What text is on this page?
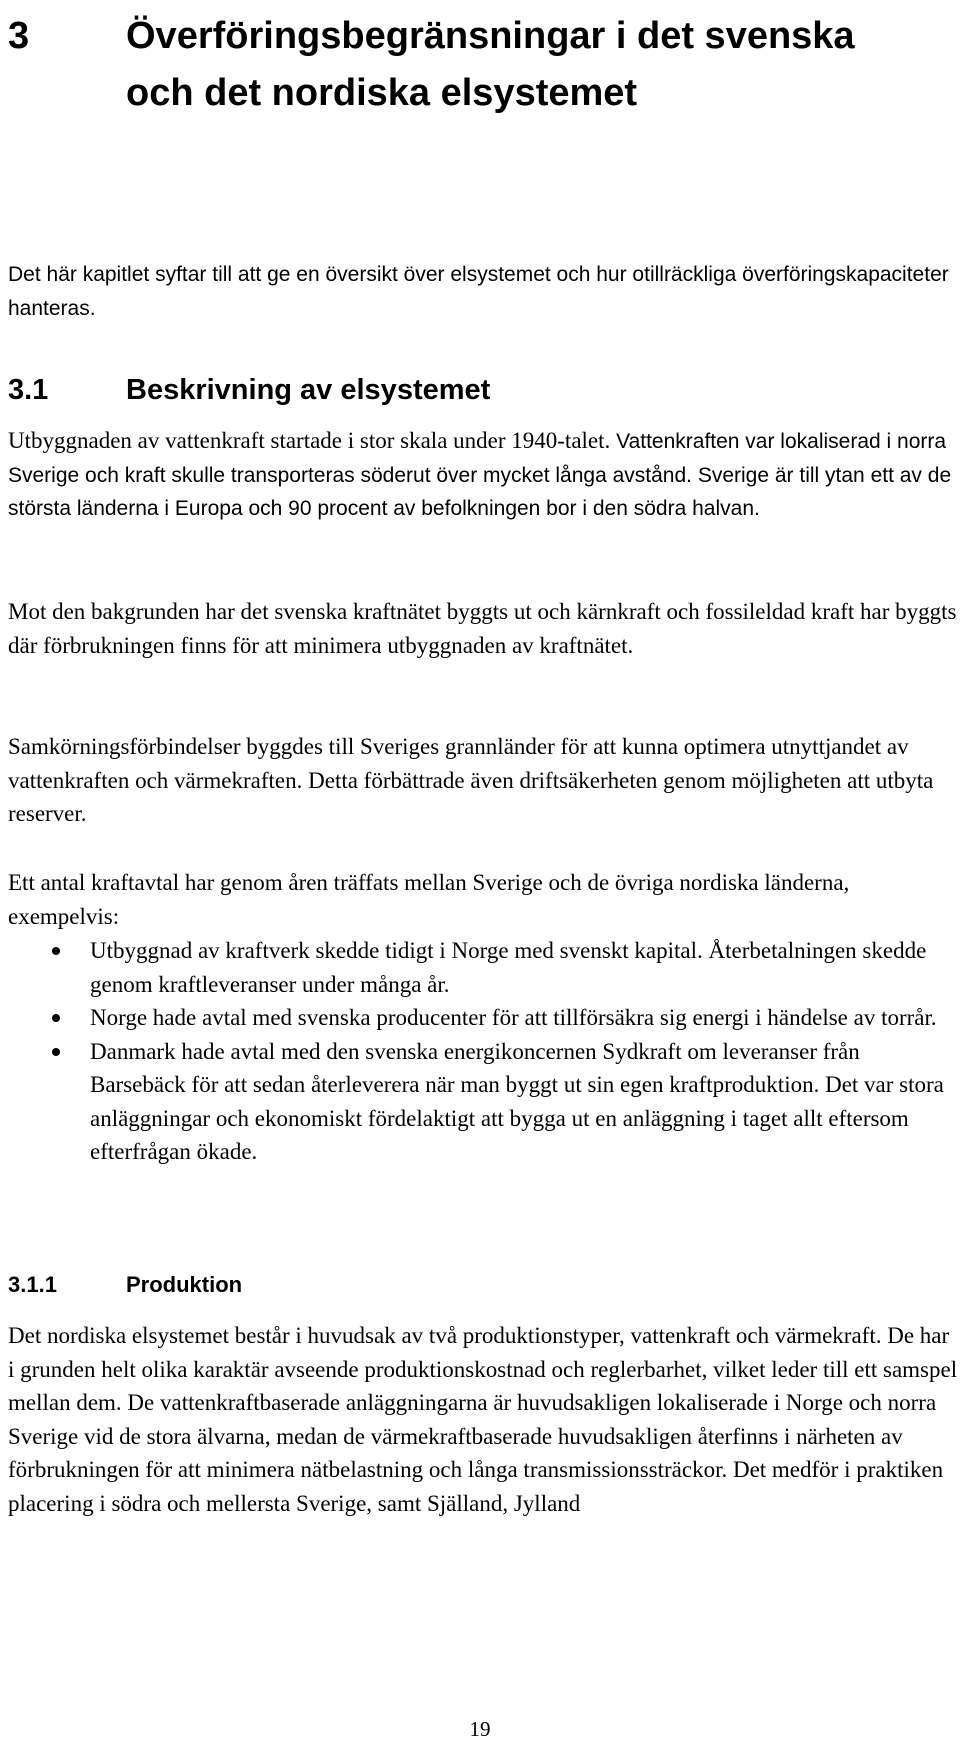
3	Överföringsbegränsningar i det svenska och det nordiska elsystemet

Det här kapitlet syftar till att ge en översikt över elsystemet och hur otillräckliga överföringskapaciteter hanteras.

3.1	Beskrivning av elsystemet

Utbyggnaden av vattenkraft startade i stor skala under 1940-talet. Vattenkraften var lokaliserad i norra Sverige och kraft skulle transporteras söderut över mycket långa avstånd. Sverige är till ytan ett av de största länderna i Europa och 90 procent av befolkningen bor i den södra halvan.

Mot den bakgrunden har det svenska kraftnätet byggts ut och kärnkraft och fossileldad kraft har byggts där förbrukningen finns för att minimera utbyggnaden av kraftnätet.

Samkörningsförbindelser byggdes till Sveriges grannländer för att kunna optimera utnyttjandet av vattenkraften och värmekraften. Detta förbättrade även driftsäkerheten genom möjligheten att utbyta reserver.

Ett antal kraftavtal har genom åren träffats mellan Sverige och de övriga nordiska länderna, exempelvis:

Utbyggnad av kraftverk skedde tidigt i Norge med svenskt kapital. Återbetalningen skedde genom kraftleveranser under många år.
Norge hade avtal med svenska producenter för att tillförsäkra sig energi i händelse av torrår.
Danmark hade avtal med den svenska energikoncernen Sydkraft om leveranser från Barsebäck för att sedan återleverera när man byggt ut sin egen kraftproduktion. Det var stora anläggningar och ekonomiskt fördelaktigt att bygga ut en anläggning i taget allt eftersom efterfrågan ökade.
3.1.1	Produktion

Det nordiska elsystemet består i huvudsak av två produktionstyper, vattenkraft och värmekraft. De har i grunden helt olika karaktär avseende produktionskostnad och reglerbarhet, vilket leder till ett samspel mellan dem. De vattenkraftbaserade anläggningarna är huvudsakligen lokaliserade i Norge och norra Sverige vid de stora älvarna, medan de värmekraftbaserade huvudsakligen återfinns i närheten av förbrukningen för att minimera nätbelastning och långa transmissionssträckor. Det medför i praktiken placering i södra och mellersta Sverige, samt Själland, Jylland

19
